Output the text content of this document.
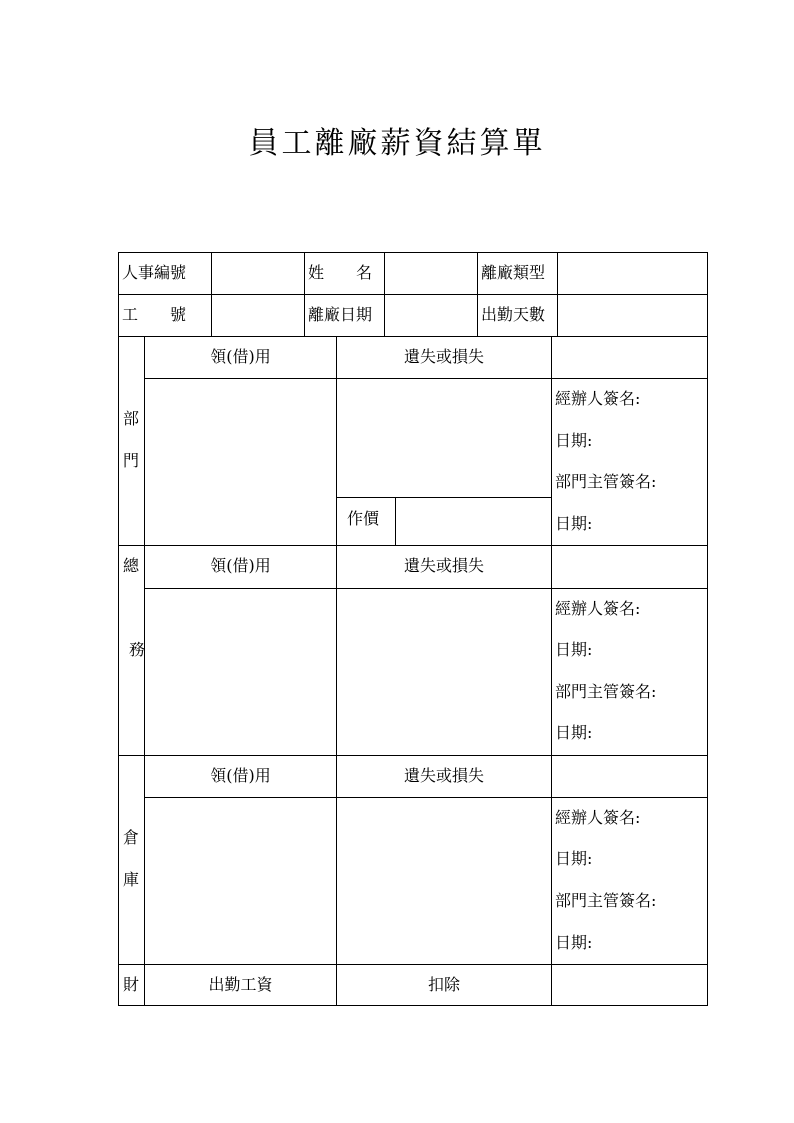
員工離廠薪資結算單
人事編號	姓　　名	離廠類型
工　　號	離廠日期	出勤天數
部
門
領(借)用	遺失或損失
作價
經辦人簽名:
日期:
部門主管簽名:
日期:
總
務
領(借)用	遺失或損失
經辦人簽名:
日期:
部門主管簽名:
日期:
倉
庫
領(借)用	遺失或損失
經辦人簽名:
日期:
部門主管簽名:
日期:
財	出勤工資	扣除
